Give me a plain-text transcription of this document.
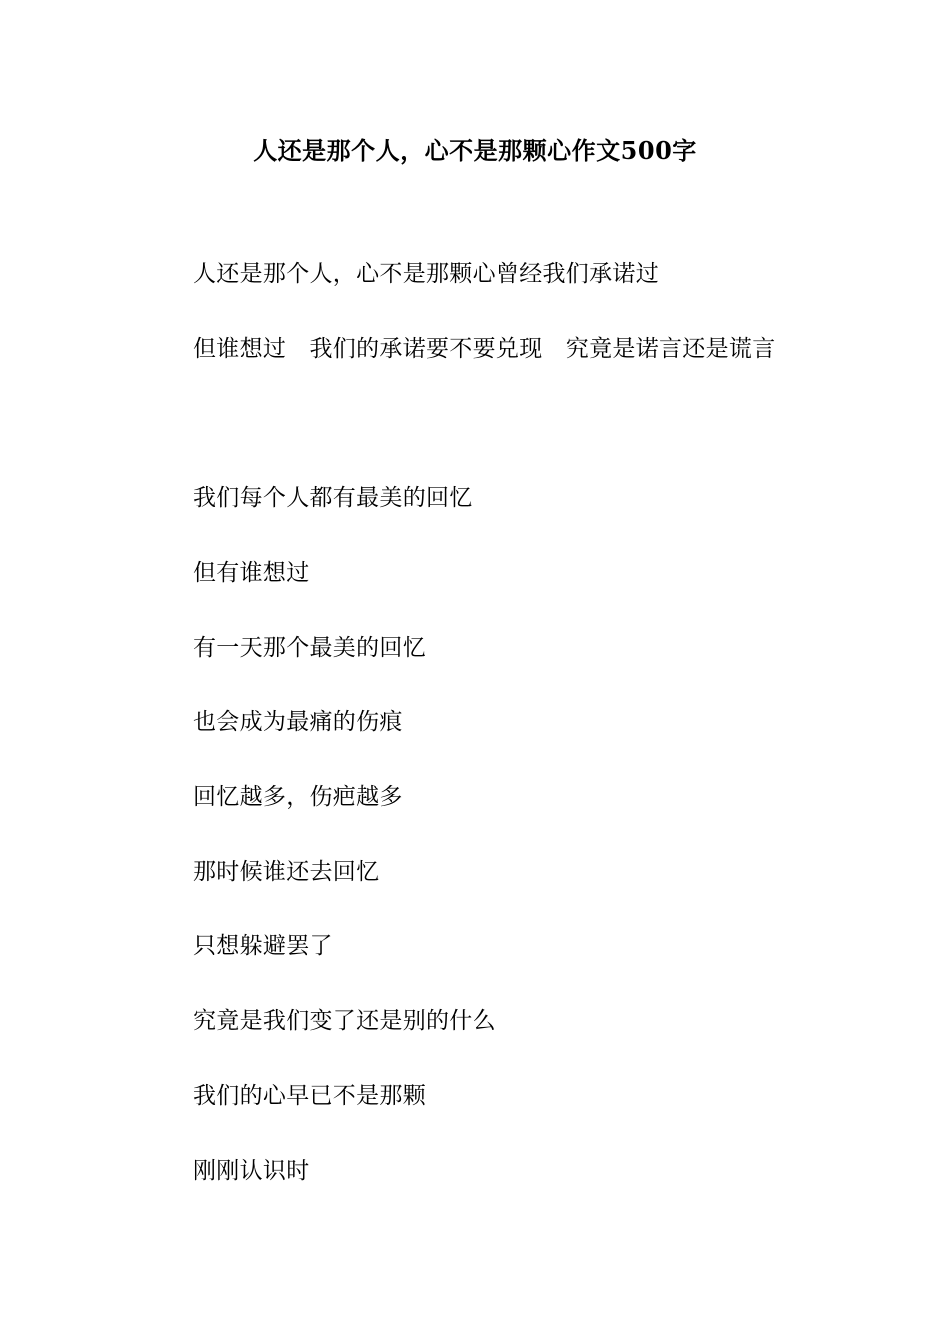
人还是那个人，心不是那颗心作文500字
人还是那个人，心不是那颗心曾经我们承诺过
但谁想过　我们的承诺要不要兑现　究竟是诺言还是谎言
我们每个人都有最美的回忆
但有谁想过
有一天那个最美的回忆
也会成为最痛的伤痕
回忆越多，伤疤越多
那时候谁还去回忆
只想躲避罢了
究竟是我们变了还是别的什么
我们的心早已不是那颗
刚刚认识时
